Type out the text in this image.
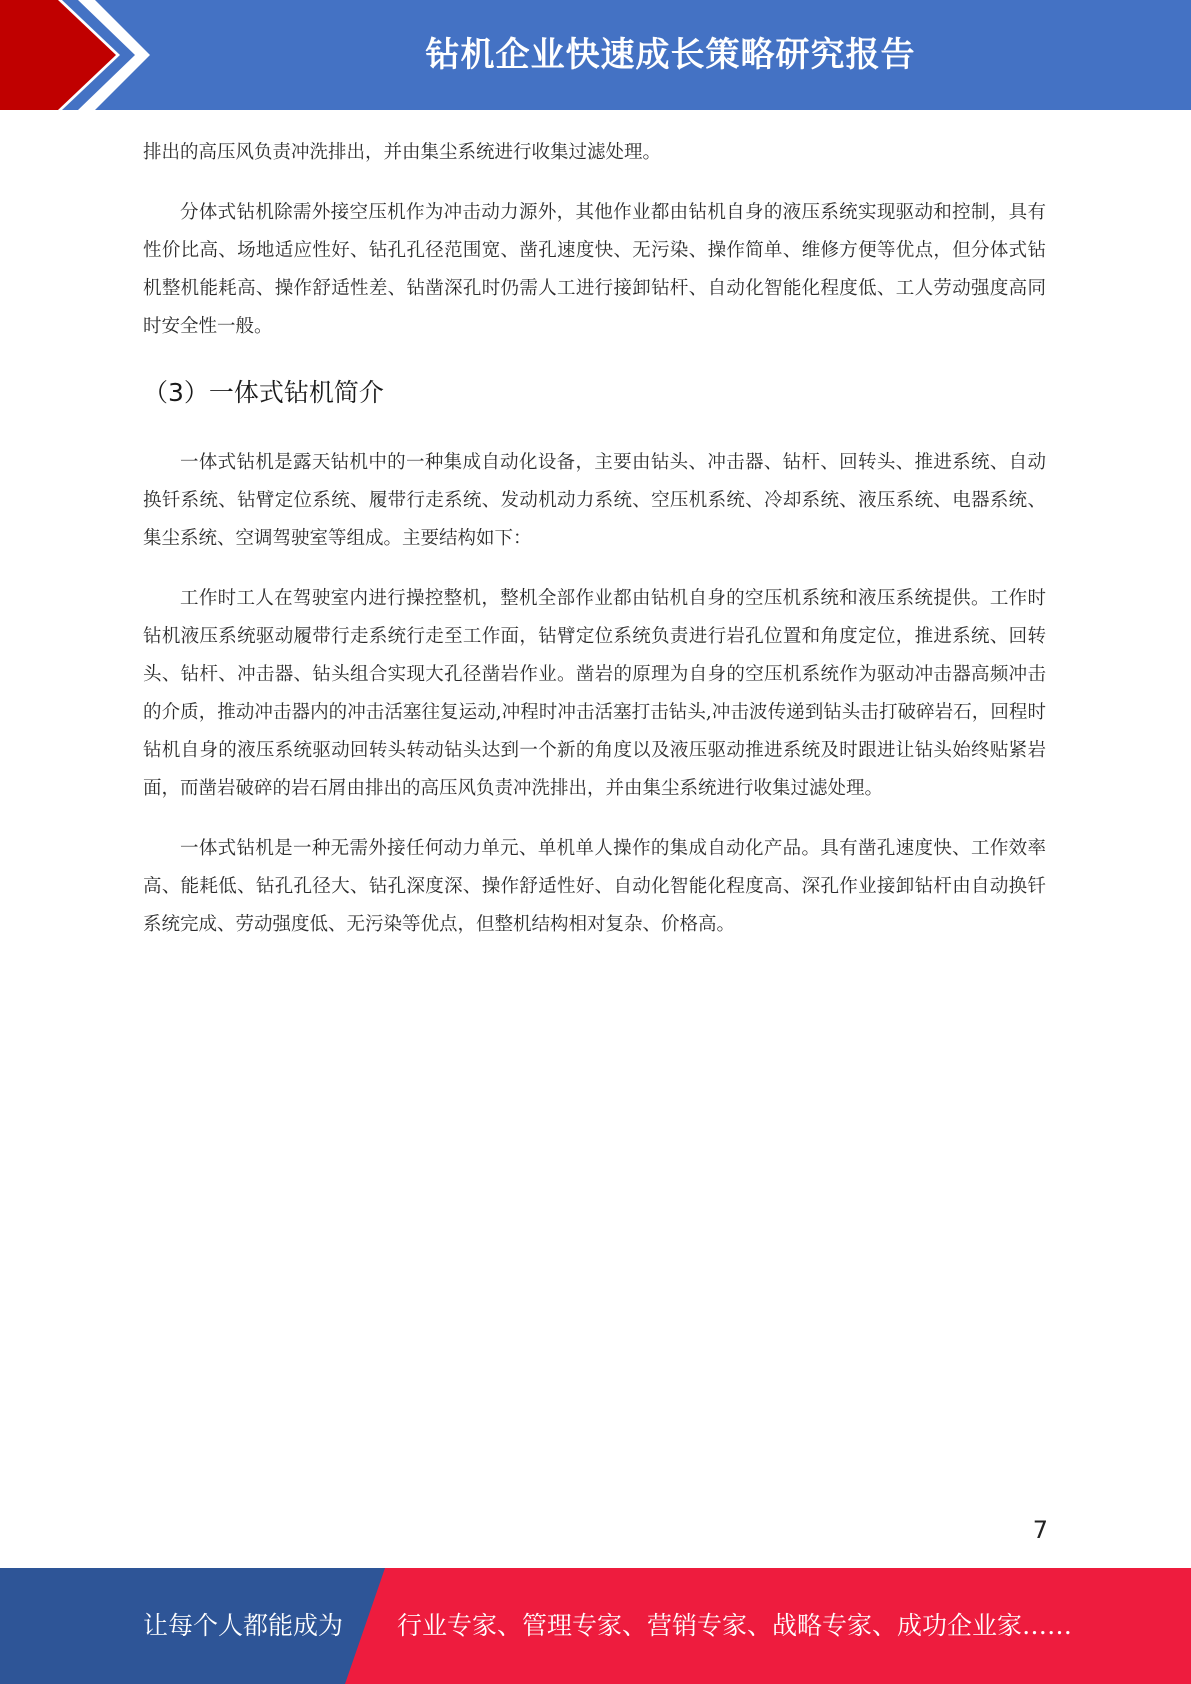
钻机企业快速成长策略研究报告

排出的高压风负责冲洗排出，并由集尘系统进行收集过滤处理。

分体式钻机除需外接空压机作为冲击动力源外，其他作业都由钻机自身的液压系统实现驱动和控制，具有性价比高、场地适应性好、钻孔孔径范围宽、凿孔速度快、无污染、操作简单、维修方便等优点，但分体式钻机整机能耗高、操作舒适性差、钻凿深孔时仍需人工进行接卸钻杆、自动化智能化程度低、工人劳动强度高同时安全性一般。

（3）一体式钻机简介

一体式钻机是露天钻机中的一种集成自动化设备，主要由钻头、冲击器、钻杆、回转头、推进系统、自动换钎系统、钻臂定位系统、履带行走系统、发动机动力系统、空压机系统、冷却系统、液压系统、电器系统、集尘系统、空调驾驶室等组成。主要结构如下：

工作时工人在驾驶室内进行操控整机，整机全部作业都由钻机自身的空压机系统和液压系统提供。工作时钻机液压系统驱动履带行走系统行走至工作面，钻臂定位系统负责进行岩孔位置和角度定位，推进系统、回转头、钻杆、冲击器、钻头组合实现大孔径凿岩作业。凿岩的原理为自身的空压机系统作为驱动冲击器高频冲击的介质，推动冲击器内的冲击活塞往复运动,冲程时冲击活塞打击钻头,冲击波传递到钻头击打破碎岩石，回程时钻机自身的液压系统驱动回转头转动钻头达到一个新的角度以及液压驱动推进系统及时跟进让钻头始终贴紧岩面，而凿岩破碎的岩石屑由排出的高压风负责冲洗排出，并由集尘系统进行收集过滤处理。

一体式钻机是一种无需外接任何动力单元、单机单人操作的集成自动化产品。具有凿孔速度快、工作效率高、能耗低、钻孔孔径大、钻孔深度深、操作舒适性好、自动化智能化程度高、深孔作业接卸钻杆由自动换钎系统完成、劳动强度低、无污染等优点，但整机结构相对复杂、价格高。

7
让每个人都能成为 行业专家、管理专家、营销专家、战略专家、成功企业家……
